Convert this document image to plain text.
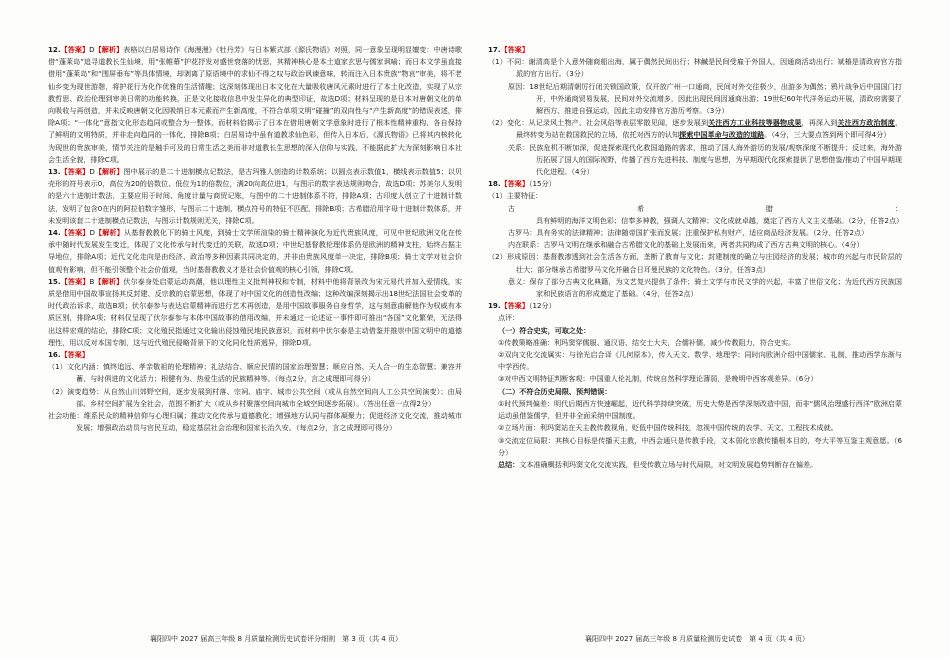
12.【答案】D【解析】表格以白居易诗作《海漫漫》《牡丹芳》与日本紫式部《源氏物语》对照，同一意象呈现明显嬗变：中唐诗歌借“蓬莱岛”追寻道教长生仙境，用“张帷幕”护花抒发对盛世衰落的忧思，其精神核心是本土道家玄思与儒家讽喻；而日本文学虽直接借用“蓬莱岛”和“围屏垂布”等具体情境，却剥离了原语境中的求仙不得之叹与政治讽谏意味，转而注入日本贵族“物哀”审美，将不老仙乡变为现世游憩，将护花行为化作优雅的生活情趣；这深刻体现出日本文化在大量吸收唐风元素时进行了本土化改造，实现了从宗教哲思、政治伦理到审美日常的功能转换，正是文化接收信息中发生异化的典型印证，故选D项；材料呈现的是日本对唐朝文化的单向吸收与再创造，并未反映唐朝文化因吸纳日本元素而产生新高度，不符合单项文明“碰撞”的双向性与“产生新高度”的错误表述，排除A项；“一体化”意指文化形态趋同或整合为一整体，而材料恰揭示了日本在借用唐朝文学意象时进行了根本性精神重构，各自保持了鲜明的文明特质，并非走向趋同的一体化，排除B项；白居易诗中虽有道教求仙色彩，但传入日本后，《源氏物语》已将其内核转化为现世的贵族审美，情节关注的是触手可及的日常生活之美而非对道教长生思想的深入信仰与实践，不能据此扩大为深刻影响日本社会生活全貌，排除C项。

13.【答案】D【解析】图中展示的是二十进制横点记数法，是古玛雅人创造的计数系统；以圆点表示数值1，横线表示数值5；以贝壳形的符号表示0，高位为20的倍数位、低位为1的倍数位，满20向高位进1，与图示的数字表达规则吻合，故选D项；苏美尔人发明的是六十进制计数法，主要应用于时间、角度计量与商贸记账，与图中的二十进制体系不符，排除A项；古印度人创立了十进制计数法，发明了包含0在内的阿拉伯数字雏形，与图示二十进制、横点符号的特征不匹配，排除B项；古希腊沿用字母十进制计数体系，并未发明该套二十进制横点记数法，与图示计数规则无关，排除C项。

14.【答案】D【解析】从基督教教化下的骑士风度，到骑士文学所渲染的骑士精神演化为近代贵族风度，可见中世纪欧洲文化在传承中随时代发展发生变迁，体现了文化传承与时代变迁的关联，故选D项；中世纪基督教伦理体系仍是欧洲的精神支柱，始终占据主导地位，排除A项；近代文化走向是由经济、政治等多种因素共同决定的，并非由贵族风度单一决定，排除B项；骑士文学对社会价值观有影响，但不能引领整个社会价值观，当时基督教教义才是社会价值观的核心引领，排除C项。

15.【答案】B【解析】伏尔泰身处启蒙运动高潮，他以理性主义批判神权和专制，材料中他将背景改为宋元易代并加入爱情线，实质是借用中国故事宣扬其反封建、反宗教的启蒙思想，体现了对中国文化的创造性改编；这种改编深刻揭示出18世纪法国社会变革的时代政治诉求，故选B项；伏尔泰参与表达启蒙精神而进行艺术再创造，是用中国故事服务自身哲学，这与刻意曲解他作为权威有本质区别，排除A项；材料仅呈现了伏尔泰参与本体中国故事的借用改编，并未通过一论述证一事件即可推出“各国”文化繁荣，无法得出这样宏观的结论，排除C项；文化殖民指通过文化输出侵蚀殖民地民族意识，而材料中伏尔泰是主动借鉴并推崇中国文明中的道德理性，用以反对本国专制，这与近代殖民侵略背景下的文化同化性质迥异，排除D项。

16.【答案】

（1）文化内涵：慎终追远、孝亲敬祖的伦理精神；礼法结合、顺应民情的国家治理智慧；顺应自然、天人合一的生态智慧；兼容并蓄、与时俱进的文化活力；根健有为、热爱生活的民族精神等。（每点2分，言之成理即可得分）

（2）演变趋势：从自然山川郊野空间，逐步发展到村落、宗祠、庙宇、城市公共空间（或从自然空间向人工公共空间演变）；由局部、乡村空间扩展为全社会，范围不断扩大（或从乡村聚落空间向城市全域空间逐步拓展）。（答出任意一点得2分）

社会功能：维系民众的精神信仰与心理归属；推动文化传承与道德教化；增强地方认同与群体凝聚力；促进经济文化交流，推动城市发展；增强政治动员与官民互动，稳定基层社会治理和国家长治久安。（每点2分，言之成理即可得分）

17.【答案】

（1）不同：谢清高是个人意外随商船出海，属于偶然民间出行；林鹹是民间受雇于外国人，因通商活动出行；斌椿是清政府官方指派的官方出行。（3分）

原因：18世纪后期清朝厉行闭关锁国政策，仅开放广州一口通商，民间对外交往极少，出游多为偶然；鸦片战争后中国国门打开，中外通商贸易发展，民间对外交流增多，因此出现民间因通商出游；19世纪60年代洋务运动开展，清政府需要了解西方、推进自强运动，因此主动安排官方游历考察。（3分）

（2）变化：从记录风土物产、社会风俗等表层零散见闻，逐步发展到关注西方工业科技等器物成果，再深入到关注西方政治制度，最终转变为站在救国救民的立场，依托对西方的认知探索中国革命与改造的道路。（4分，三大要点答到两个即可得4分）

关系：民族危机不断加深，促进探索现代化救国道路的需求，推动了国人海外游历的发展/观察深度不断提升；反过来，海外游历拓展了国人的国际视野，传播了西方先进科技、制度与思想，为早期现代化探索提供了思想借鉴/推动了中国早期现代化进程。（4分）

18.【答案】（15分）

（1）主要特征：

古希腊：具有鲜明的海洋文明色彩；信奉多神教，强调人文精神；文化成就卓越，奠定了西方人文主义基础。（2分，任答2点）

古罗马：具有务实的法律精神；法律随帝国扩张而发展；注重保护私有财产，适应商品经济发展。（2分，任答2点）

内在联系：古罗马文明在继承和融合古希腊文化的基础上发展而来，两者共同构成了西方古典文明的核心。（4分）

（2）形成原因：基督教渗透到社会生活各方面，垄断了教育与文化；封建制度的确立与庄园经济的发展；城市的兴起与市民阶层的壮大；部分继承古希腊罗马文化并融合日耳曼民族的文化特色。（3分，任答3点）

意义：保存了部分古典文化典籍，为文艺复兴提供了条件；骑士文学与市民文学的兴起，丰富了世俗文化；为近代西方民族国家和民族语言的形成奠定了基础。（4分，任答2点）

19.【答案】（12分）

点评：

（一）符合史实，可取之处：

①传教策略准确：利玛窦穿儒服、通汉语、结交士大夫，合儒补儒，减少传教阻力，符合史实。

②双向文化交流属实：与徐光启合译《几何原本》，传入天文、数学、地理学；同时向欧洲介绍中国儒家、礼制，推动西学东渐与中学西传。

③对中西文明特征判断客观：中国重人伦礼制，传统自然科学理论薄弱，是晚明中西客观差异。（6分）

（二）不符合历史局限、预判错误：

①时代预判偏差：明代后期西方快速崛起，近代科学持续突破，历史大势是西学深刻改造中国，而非“儒风治理盛行西洋”欧洲启蒙运动虽借鉴儒学，但并非全面采纳中国制度。

②立场片面：利玛窦站在天主教传教视角，贬低中国传统科技，忽视中国传统的农学、天文、工程技术成就。

③交流定位局限：其核心目标是传播天主教，中西会通只是传教手段，文本弱化宗教传播根本目的，夸大平等互鉴主观意愿。（6分）

总结：文本准确概括利玛窦文化交流实践，但受传教立场与时代局限，对文明发展趋势判断存在偏差。

襄阳四中 2027 届高三年级 8 月质量检测历史试卷评分细则　第 3 页（共 4 页）	襄阳四中 2027 届高三年级 8 月质量检测历史试卷　第 4 页（共 4 页）
